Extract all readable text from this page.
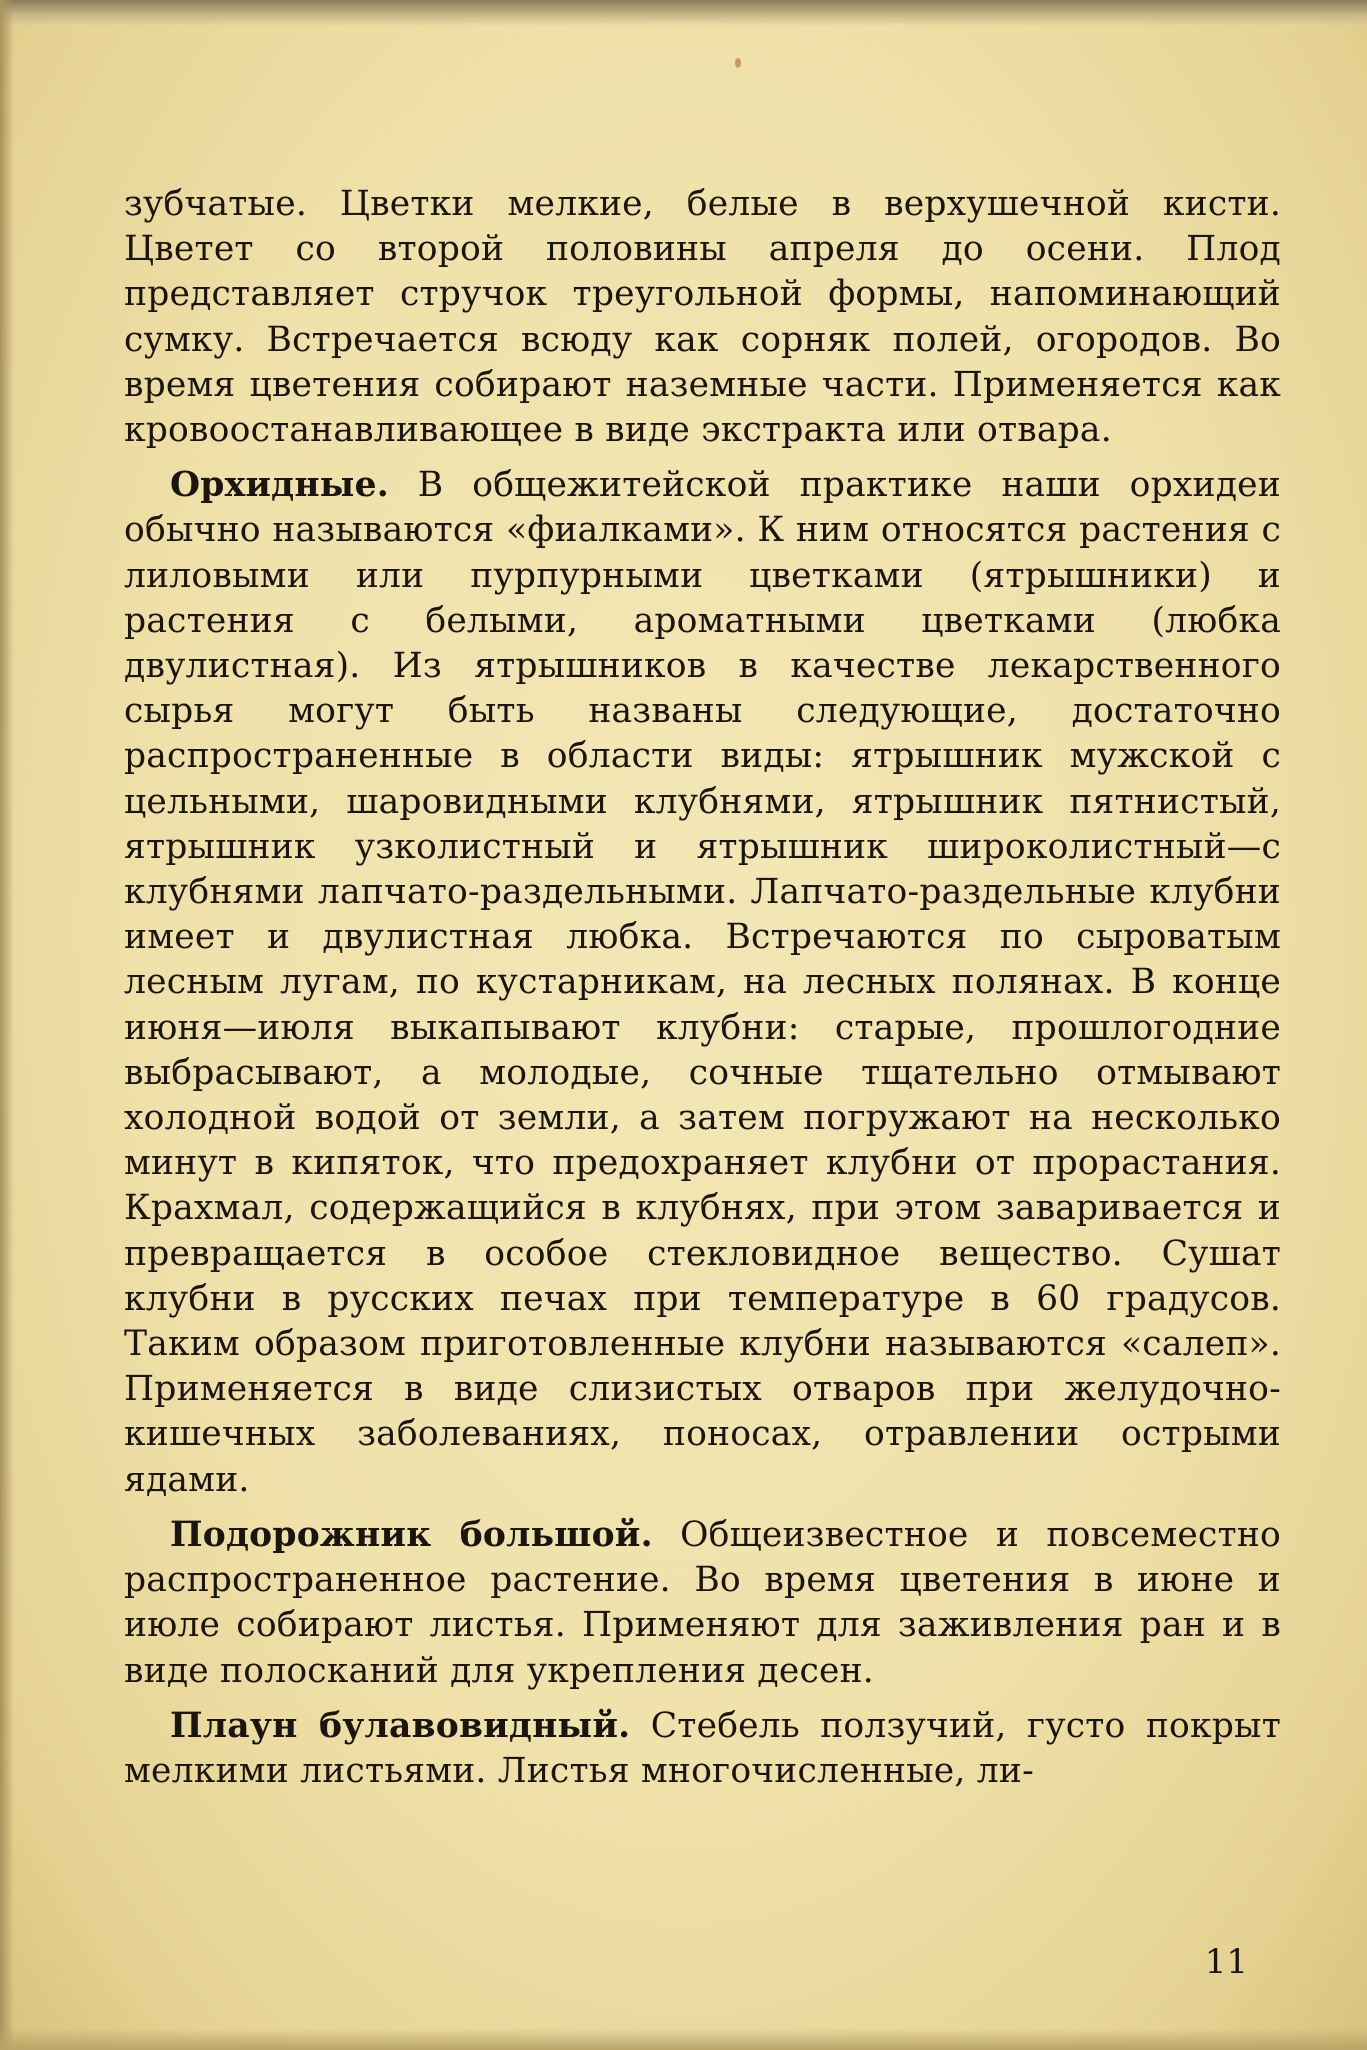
зубчатые. Цветки мелкие, белые в верхушечной кисти. Цветет со второй половины апреля до осени. Плод представляет стручок треугольной формы, напоминающий сумку. Встречается всюду как сорняк полей, огородов. Во время цветения собирают наземные части. Применяется как кровоостанавливающее в виде экстракта или отвара.

Орхидные. В общежитейской практике наши орхидеи обычно называются «фиалками». К ним относятся растения с лиловыми или пурпурными цветками (ятрышники) и растения с белыми, ароматными цветками (любка двулистная). Из ятрышников в качестве лекарственного сырья могут быть названы следующие, достаточно распространенные в области виды: ятрышник мужской с цельными, шаровидными клубнями, ятрышник пятнистый, ятрышник узколистный и ятрышник широколистный—с клубнями лапчато-раздельными. Лапчато-раздельные клубни имеет и двулистная любка. Встречаются по сыроватым лесным лугам, по кустарникам, на лесных полянах. В конце июня—июля выкапывают клубни: старые, прошлогодние выбрасывают, а молодые, сочные тщательно отмывают холодной водой от земли, а затем погружают на несколько минут в кипяток, что предохраняет клубни от прорастания. Крахмал, содержащийся в клубнях, при этом заваривается и превращается в особое стекловидное вещество. Сушат клубни в русских печах при температуре в 60 градусов. Таким образом приготовленные клубни называются «салеп». Применяется в виде слизистых отваров при желудочно-кишечных заболеваниях, поносах, отравлении острыми ядами.

Подорожник большой. Общеизвестное и повсеместно распространенное растение. Во время цветения в июне и июле собирают листья. Применяют для заживления ран и в виде полосканий для укрепления десен.

Плаун булавовидный. Стебель ползучий, густо покрыт мелкими листьями. Листья многочисленные, ли-

11
